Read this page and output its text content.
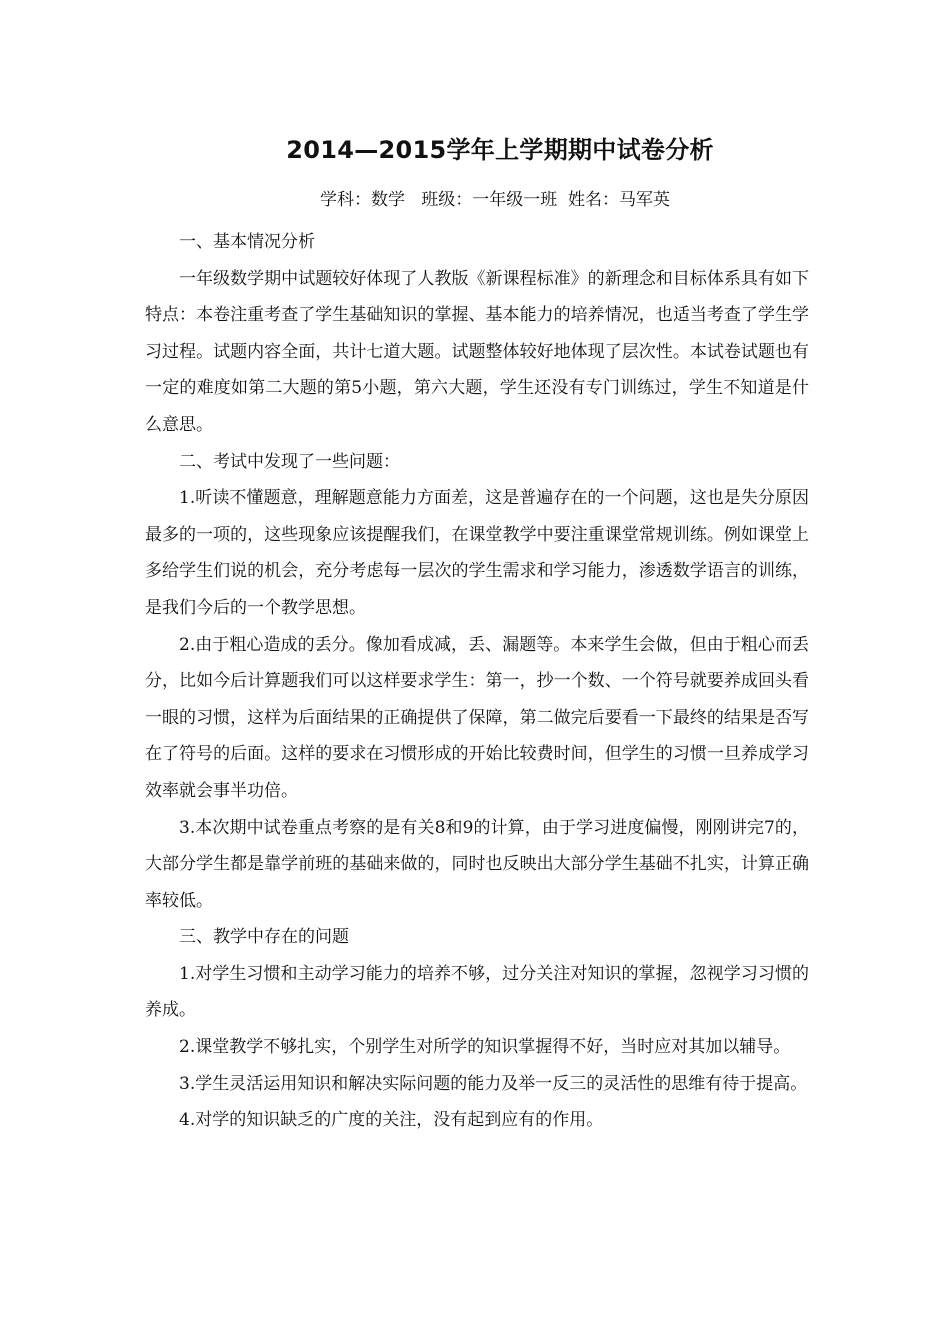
2014—2015学年上学期期中试卷分析
学科：数学 班级：一年级一班 姓名：马军英

一、基本情况分析

一年级数学期中试题较好体现了人教版《新课程标准》的新理念和目标体系具有如下特点：本卷注重考查了学生基础知识的掌握、基本能力的培养情况，也适当考查了学生学习过程。试题内容全面，共计七道大题。试题整体较好地体现了层次性。本试卷试题也有一定的难度如第二大题的第5小题，第六大题，学生还没有专门训练过，学生不知道是什么意思。

二、考试中发现了一些问题：

1.听读不懂题意，理解题意能力方面差，这是普遍存在的一个问题，这也是失分原因最多的一项的，这些现象应该提醒我们，在课堂教学中要注重课堂常规训练。例如课堂上多给学生们说的机会，充分考虑每一层次的学生需求和学习能力，渗透数学语言的训练，是我们今后的一个教学思想。

2.由于粗心造成的丢分。像加看成减，丢、漏题等。本来学生会做，但由于粗心而丢分，比如今后计算题我们可以这样要求学生：第一，抄一个数、一个符号就要养成回头看一眼的习惯，这样为后面结果的正确提供了保障，第二做完后要看一下最终的结果是否写在了符号的后面。这样的要求在习惯形成的开始比较费时间，但学生的习惯一旦养成学习效率就会事半功倍。

3.本次期中试卷重点考察的是有关8和9的计算，由于学习进度偏慢，刚刚讲完7的，大部分学生都是靠学前班的基础来做的，同时也反映出大部分学生基础不扎实，计算正确率较低。

三、教学中存在的问题

1.对学生习惯和主动学习能力的培养不够，过分关注对知识的掌握，忽视学习习惯的养成。

2.课堂教学不够扎实，个别学生对所学的知识掌握得不好，当时应对其加以辅导。

3.学生灵活运用知识和解决实际问题的能力及举一反三的灵活性的思维有待于提高。

4.对学的知识缺乏的广度的关注，没有起到应有的作用。
